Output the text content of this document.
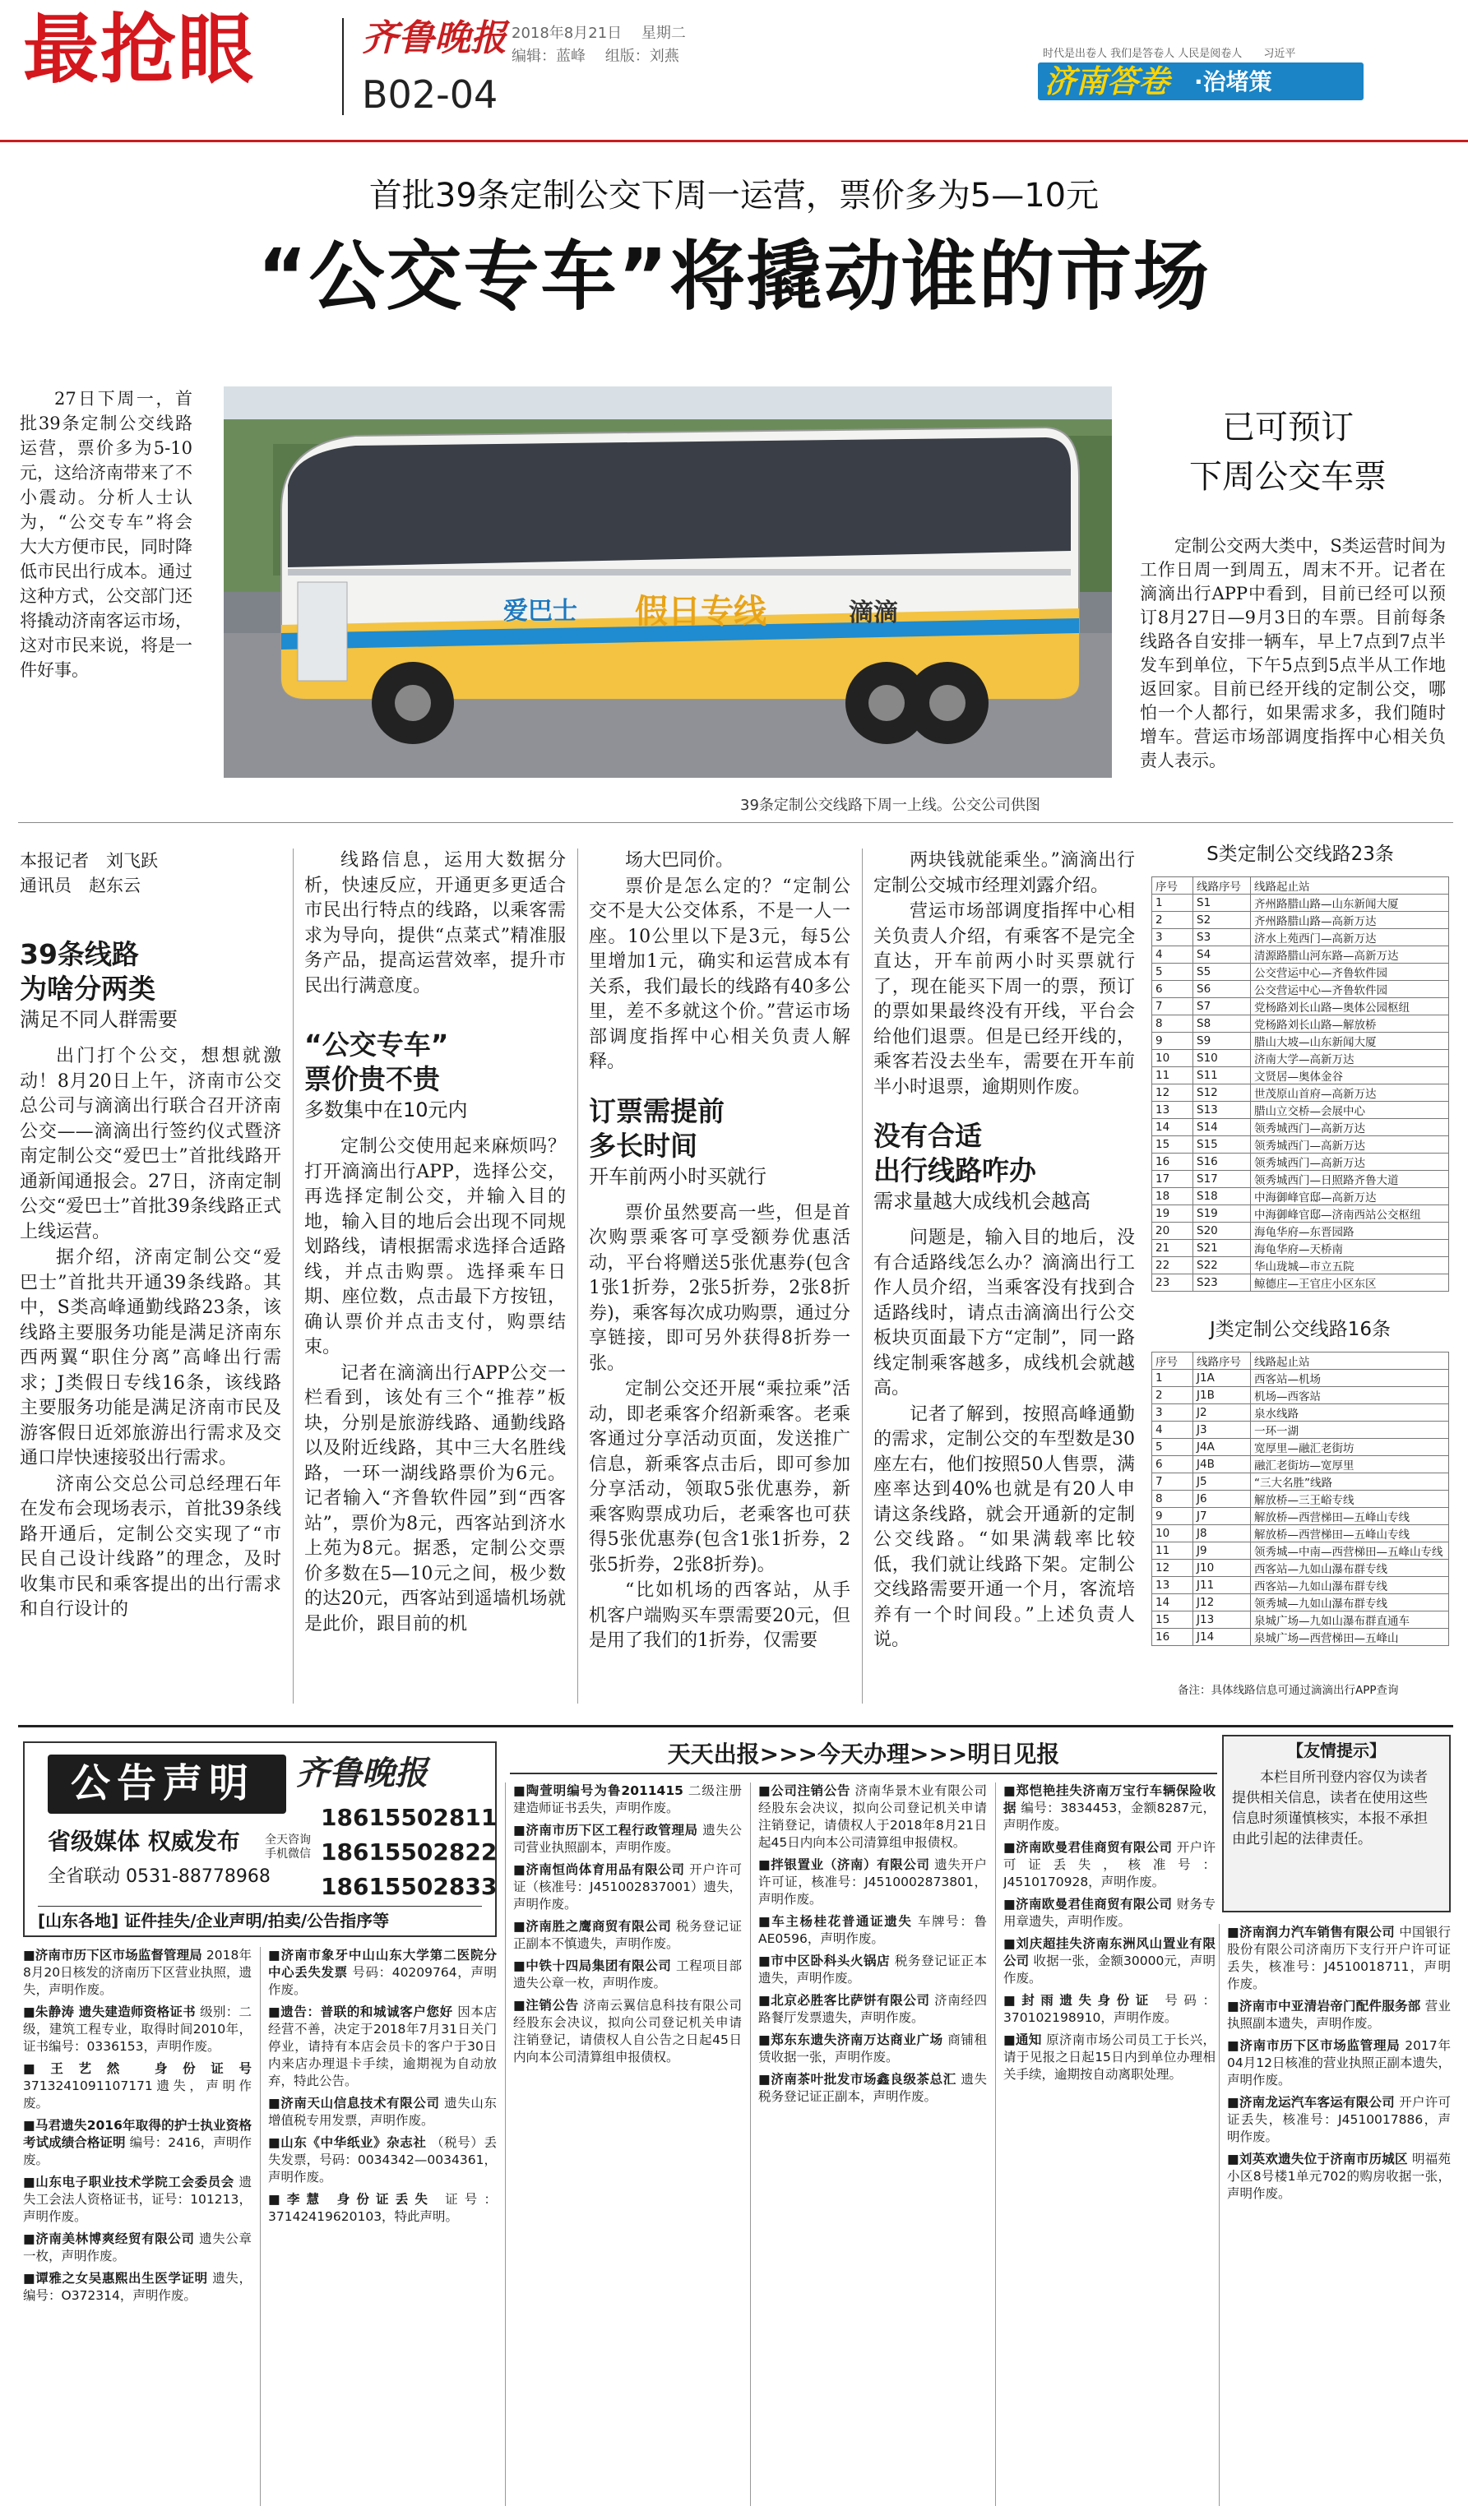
最抢眼	齐鲁晚报
B02-04
2018年8月21日 星期二
编辑：蓝峰 组版：刘燕	时代是出卷人 我们是答卷人 人民是阅卷人 习近平
济南答卷 ·治堵策
首批39条定制公交下周一运营，票价多为5—10元
“公交专车”将撬动谁的市场

27日下周一，首批39条定制公交线路运营，票价多为5-10元，这给济南带来了不小震动。分析人士认为，“公交专车”将会大大方便市民，同时降低市民出行成本。通过这种方式，公交部门还将撬动济南客运市场，这对市民来说，将是一件好事。

爱巴士 假日专线	滴滴
39条定制公交线路下周一上线。公交公司供图
已可预订
下周公交车票

定制公交两大类中，S类运营时间为工作日周一到周五，周末不开。记者在滴滴出行APP中看到，目前已经可以预订8月27日—9月3日的车票。目前每条线路各自安排一辆车，早上7点到7点半发车到单位，下午5点到5点半从工作地返回家。目前已经开线的定制公交，哪怕一个人都行，如果需求多，我们随时增车。营运市场部调度指挥中心相关负责人表示。

本报记者　刘飞跃
通讯员　赵东云
39条线路
为啥分两类
满足不同人群需要

出门打个公交，想想就激动！8月20日上午，济南市公交总公司与滴滴出行联合召开济南公交——滴滴出行签约仪式暨济南定制公交“爱巴士”首批线路开通新闻通报会。27日，济南定制公交“爱巴士”首批39条线路正式上线运营。

据介绍，济南定制公交“爱巴士”首批共开通39条线路。其中，S类高峰通勤线路23条，该线路主要服务功能是满足济南东西两翼“职住分离”高峰出行需求；J类假日专线16条，该线路主要服务功能是满足济南市民及游客假日近郊旅游出行需求及交通口岸快速接驳出行需求。

济南公交总公司总经理石年在发布会现场表示，首批39条线路开通后，定制公交实现了“市民自己设计线路”的理念，及时收集市民和乘客提出的出行需求和自行设计的

线路信息，运用大数据分析，快速反应，开通更多更适合市民出行特点的线路，以乘客需求为导向，提供“点菜式”精准服务产品，提高运营效率，提升市民出行满意度。

“公交专车”
票价贵不贵
多数集中在10元内

定制公交使用起来麻烦吗？打开滴滴出行APP，选择公交，再选择定制公交，并输入目的地，输入目的地后会出现不同规划路线，请根据需求选择合适路线，并点击购票。选择乘车日期、座位数，点击最下方按钮，确认票价并点击支付，购票结束。

记者在滴滴出行APP公交一栏看到，该处有三个“推荐”板块，分别是旅游线路、通勤线路以及附近线路，其中三大名胜线路，一环一湖线路票价为6元。记者输入“齐鲁软件园”到“西客站”，票价为8元，西客站到济水上苑为8元。据悉，定制公交票价多数在5—10元之间，极少数的达20元，西客站到遥墙机场就是此价，跟目前的机

场大巴同价。

票价是怎么定的？“定制公交不是大公交体系，不是一人一座。10公里以下是3元，每5公里增加1元，确实和运营成本有关系，我们最长的线路有40多公里，差不多就这个价。”营运市场部调度指挥中心相关负责人解释。

订票需提前
多长时间
开车前两小时买就行

票价虽然要高一些，但是首次购票乘客可享受额券优惠活动，平台将赠送5张优惠券(包含1张1折券，2张5折券，2张8折券)，乘客每次成功购票，通过分享链接，即可另外获得8折券一张。

定制公交还开展“乘拉乘”活动，即老乘客介绍新乘客。老乘客通过分享活动页面，发送推广信息，新乘客点击后，即可参加分享活动，领取5张优惠券，新乘客购票成功后，老乘客也可获得5张优惠券(包含1张1折券，2张5折券，2张8折券)。

“比如机场的西客站，从手机客户端购买车票需要20元，但是用了我们的1折券，仅需要

两块钱就能乘坐。”滴滴出行定制公交城市经理刘露介绍。

营运市场部调度指挥中心相关负责人介绍，有乘客不是完全直达，开车前两小时买票就行了，现在能买下周一的票，预订的票如果最终没有开线，平台会给他们退票。但是已经开线的，乘客若没去坐车，需要在开车前半小时退票，逾期则作废。

没有合适
出行线路咋办
需求量越大成线机会越高

问题是，输入目的地后，没有合适路线怎么办？滴滴出行工作人员介绍，当乘客没有找到合适路线时，请点击滴滴出行公交板块页面最下方“定制”，同一路线定制乘客越多，成线机会就越高。

记者了解到，按照高峰通勤的需求，定制公交的车型数是30座左右，他们按照50人售票，满座率达到40%也就是有20人申请这条线路，就会开通新的定制公交线路。“如果满载率比较低，我们就让线路下架。定制公交线路需要开通一个月，客流培养有一个时间段。”上述负责人说。

S类定制公交线路23条
序号	线路序号	线路起止站
1	S1	齐州路腊山路—山东新闻大厦
2	S2	齐州路腊山路—高新万达
3	S3	济水上苑西门—高新万达
4	S4	清源路腊山河东路—高新万达
5	S5	公交营运中心—齐鲁软件园
6	S6	公交营运中心—齐鲁软件园
7	S7	党杨路刘长山路—奥体公园枢纽
8	S8	党杨路刘长山路—解放桥
9	S9	腊山大坡—山东新闻大厦
10	S10	济南大学—高新万达
11	S11	文贤居—奥体金谷
12	S12	世茂原山首府—高新万达
13	S13	腊山立交桥—会展中心
14	S14	领秀城西门—高新万达
15	S15	领秀城西门—高新万达
16	S16	领秀城西门—高新万达
17	S17	领秀城西门—日照路齐鲁大道
18	S18	中海御峰官邸—高新万达
19	S19	中海御峰官邸—济南西站公交枢纽
20	S20	海龟华府—东晋园路
21	S21	海龟华府—天桥南
22	S22	华山珑城—市立五院
23	S23	鲸德庄—王官庄小区东区
J类定制公交线路16条
序号	线路序号	线路起止站
1	J1A	西客站—机场
2	J1B	机场—西客站
3	J2	泉水线路
4	J3	一环一湖
5	J4A	宽厚里—融汇老街坊
6	J4B	融汇老街坊—宽厚里
7	J5	“三大名胜”线路
8	J6	解放桥—三王峪专线
9	J7	解放桥—西营梯田—五峰山专线
10	J8	解放桥—西营梯田—五峰山专线
11	J9	领秀城—中南—西营梯田—五峰山专线
12	J10	西客站—九如山瀑布群专线
13	J11	西客站—九如山瀑布群专线
14	J12	领秀城—九如山瀑布群专线
15	J13	泉城广场—九如山瀑布群直通车
16	J14	泉城广场—西营梯田—五峰山
备注：具体线路信息可通过滴滴出行APP查询
公告声明 齐鲁晚报
18615502811
18615502822
18615502833
省级媒体 权威发布 全天咨询 手机微信
全省联动 0531-88778968
[山东各地] 证件挂失/企业声明/拍卖/公告指序等
天天出报>>>今天办理>>>明日见报	【友情提示】
本栏目所刊登内容仅为读者提供相关信息，读者在使用这些信息时须谨慎核实，本报不承担由此引起的法律责任。
■济南市历下区市场监督管理局 2018年8月20日核发的济南历下区营业执照，遗失，声明作废。
■朱静涛 遗失建造师资格证书 级别：二级，建筑工程专业，取得时间2010年，证书编号：0336153，声明作废。
■王艺然 身份证号 3713241091107171遗失，声明作废。
■马君遗失2016年取得的护士执业资格考试成绩合格证明 编号：2416，声明作废。
■山东电子职业技术学院工会委员会 遗失工会法人资格证书，证号：101213，声明作废。
■济南美林博爽经贸有限公司 遗失公章一枚，声明作废。
■谭雅之女吴惠熙出生医学证明 遗失，编号：O372314，声明作废。
■济南市象牙中山山东大学第二医院分中心丢失发票 号码：40209764，声明作废。
■遗告：普联的和城诚客户您好 因本店经营不善，决定于2018年7月31日关门停业，请持有本店会员卡的客户于30日内来店办理退卡手续，逾期视为自动放弃，特此公告。
■济南天山信息技术有限公司 遗失山东增值税专用发票，声明作废。
■山东《中华纸业》杂志社 （税号）丢失发票，号码：0034342—0034361，声明作废。
■李慧 身份证丢失 证号：37142419620103，特此声明。
■陶萱明编号为鲁2011415 二级注册建造师证书丢失，声明作废。
■济南市历下区工程行政管理局 遗失公司营业执照副本，声明作废。
■济南恒尚体育用品有限公司 开户许可证（核准号：J451002837001）遗失，声明作废。
■济南胜之鹰商贸有限公司 税务登记证正副本不慎遗失，声明作废。
■中铁十四局集团有限公司 工程项目部遗失公章一枚，声明作废。
■注销公告 济南云翼信息科技有限公司经股东会决议，拟向公司登记机关申请注销登记，请债权人自公告之日起45日内向本公司清算组申报债权。
■公司注销公告 济南华景木业有限公司经股东会决议，拟向公司登记机关申请注销登记，请债权人于2018年8月21日起45日内向本公司清算组申报债权。
■拌银置业（济南）有限公司 遗失开户许可证，核准号：J4510002873801，声明作废。
■车主杨桂花普通证遗失 车牌号：鲁AE0596，声明作废。
■市中区卧科头火锅店 税务登记证正本遗失，声明作废。
■北京必胜客比萨饼有限公司 济南经四路餐厅发票遗失，声明作废。
■郑东东遗失济南万达商业广场 商铺租赁收据一张，声明作废。
■济南茶叶批发市场鑫良级茶总汇 遗失税务登记证正副本，声明作废。
■郑恺艳挂失济南万宝行车辆保险收据 编号：3834453，金额8287元，声明作废。
■济南欧曼君佳商贸有限公司 开户许可证丢失，核准号：J4510170928，声明作废。
■济南欧曼君佳商贸有限公司 财务专用章遗失，声明作废。
■刘庆超挂失济南东洲风山置业有限公司 收据一张，金额30000元，声明作废。
■封雨遗失身份证 号码：370102198910，声明作废。
■通知 原济南市场公司员工于长兴，请于见报之日起15日内到单位办理相关手续，逾期按自动离职处理。
■济南润力汽车销售有限公司 中国银行股份有限公司济南历下支行开户许可证丢失，核准号：J4510018711，声明作废。
■济南市中亚清岩帝门配件服务部 营业执照副本遗失，声明作废。
■济南市历下区市场监管理局 2017年04月12日核准的营业执照正副本遗失，声明作废。
■济南龙运汽车客运有限公司 开户许可证丢失，核准号：J4510017886，声明作废。
■刘英欢遗失位于济南市历城区 明福苑小区8号楼1单元702的购房收据一张，声明作废。
